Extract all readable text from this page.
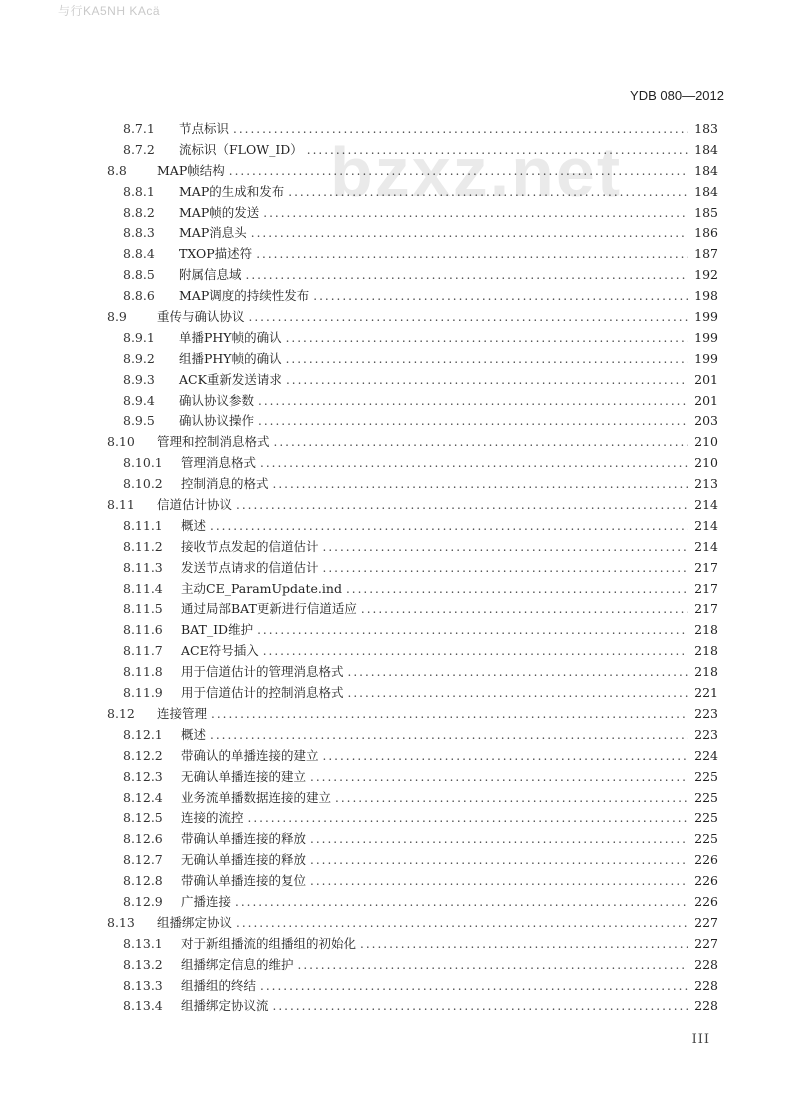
与行KA5NH KAcä
YDB 080—2012
bzxz.net
8.7.1	节点标识 .....	183
8.7.2	流标识（FLOW_ID） .....	184
8.8	MAP帧结构 .....	184
8.8.1	MAP的生成和发布 .....	184
8.8.2	MAP帧的发送 .....	185
8.8.3	MAP消息头 .....	186
8.8.4	TXOP描述符 .....	187
8.8.5	附属信息域 .....	192
8.8.6	MAP调度的持续性发布 .....	198
8.9	重传与确认协议 .....	199
8.9.1	单播PHY帧的确认 .....	199
8.9.2	组播PHY帧的确认 .....	199
8.9.3	ACK重新发送请求 .....	201
8.9.4	确认协议参数 .....	201
8.9.5	确认协议操作 .....	203
8.10	管理和控制消息格式 .....	210
8.10.1	管理消息格式 .....	210
8.10.2	控制消息的格式 .....	213
8.11	信道估计协议 .....	214
8.11.1	概述 .....	214
8.11.2	接收节点发起的信道估计 .....	214
8.11.3	发送节点请求的信道估计 .....	217
8.11.4	主动CE_ParamUpdate.ind .....	217
8.11.5	通过局部BAT更新进行信道适应 .....	217
8.11.6	BAT_ID维护 .....	218
8.11.7	ACE符号插入 .....	218
8.11.8	用于信道估计的管理消息格式 .....	218
8.11.9	用于信道估计的控制消息格式 .....	221
8.12	连接管理 .....	223
8.12.1	概述 .....	223
8.12.2	带确认的单播连接的建立 .....	224
8.12.3	无确认单播连接的建立 .....	225
8.12.4	业务流单播数据连接的建立 .....	225
8.12.5	连接的流控 .....	225
8.12.6	带确认单播连接的释放 .....	225
8.12.7	无确认单播连接的释放 .....	226
8.12.8	带确认单播连接的复位 .....	226
8.12.9	广播连接 .....	226
8.13	组播绑定协议 .....	227
8.13.1	对于新组播流的组播组的初始化 .....	227
8.13.2	组播绑定信息的维护 .....	228
8.13.3	组播组的终结 .....	228
8.13.4	组播绑定协议流 .....	228
III
